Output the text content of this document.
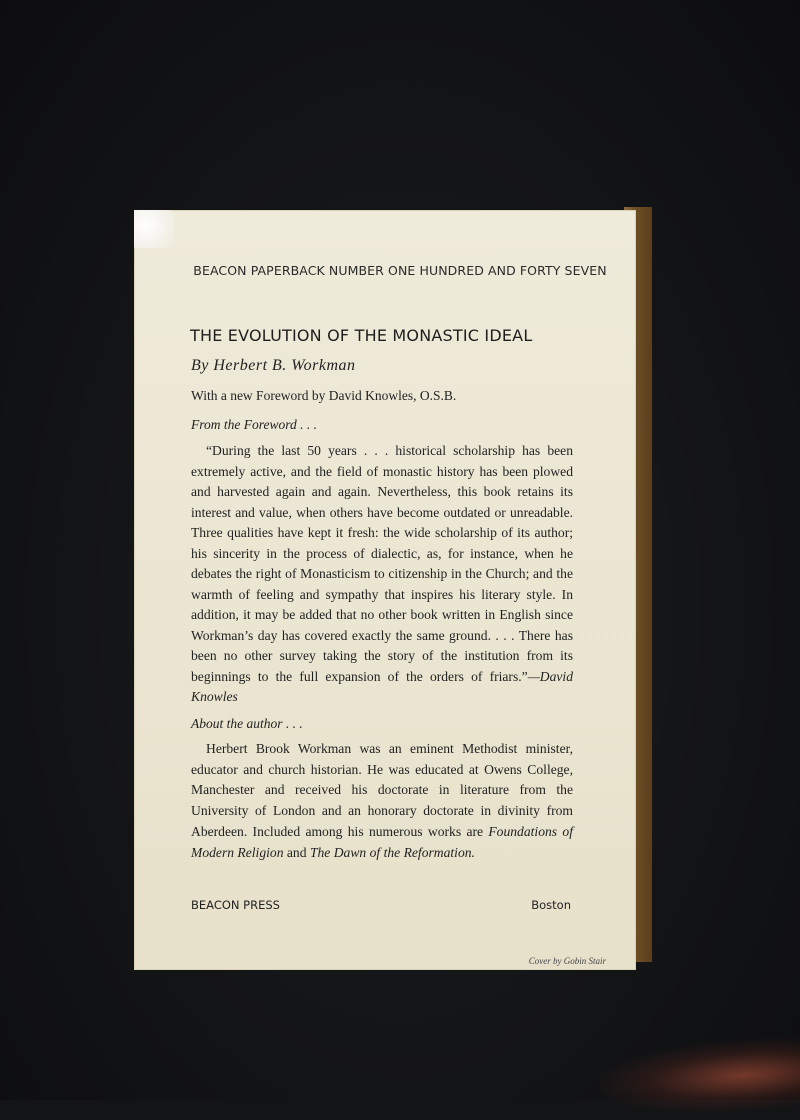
BEACON PAPERBACK NUMBER ONE HUNDRED AND FORTY SEVEN
THE EVOLUTION OF THE MONASTIC IDEAL
By Herbert B. Workman
With a new Foreword by David Knowles, O.S.B.
From the Foreword . . .
“During the last 50 years . . . historical scholarship has been extremely active, and the field of monastic history has been plowed and harvested again and again. Nevertheless, this book retains its interest and value, when others have become outdated or unreadable. Three qualities have kept it fresh: the wide scholarship of its author; his sincerity in the process of dialectic, as, for instance, when he debates the right of Monasticism to citizenship in the Church; and the warmth of feeling and sympathy that inspires his literary style. In addition, it may be added that no other book written in English since Workman’s day has covered exactly the same ground. . . . There has been no other survey taking the story of the institution from its beginnings to the full expansion of the orders of friars.”—David Knowles
About the author . . .
Herbert Brook Workman was an eminent Methodist minister, educator and church historian. He was educated at Owens College, Manchester and received his doctorate in literature from the University of London and an honorary doctorate in divinity from Aberdeen. Included among his numerous works are Foundations of Modern Religion and The Dawn of the Reformation.
BEACON PRESS	Boston
Cover by Gobin Stair
